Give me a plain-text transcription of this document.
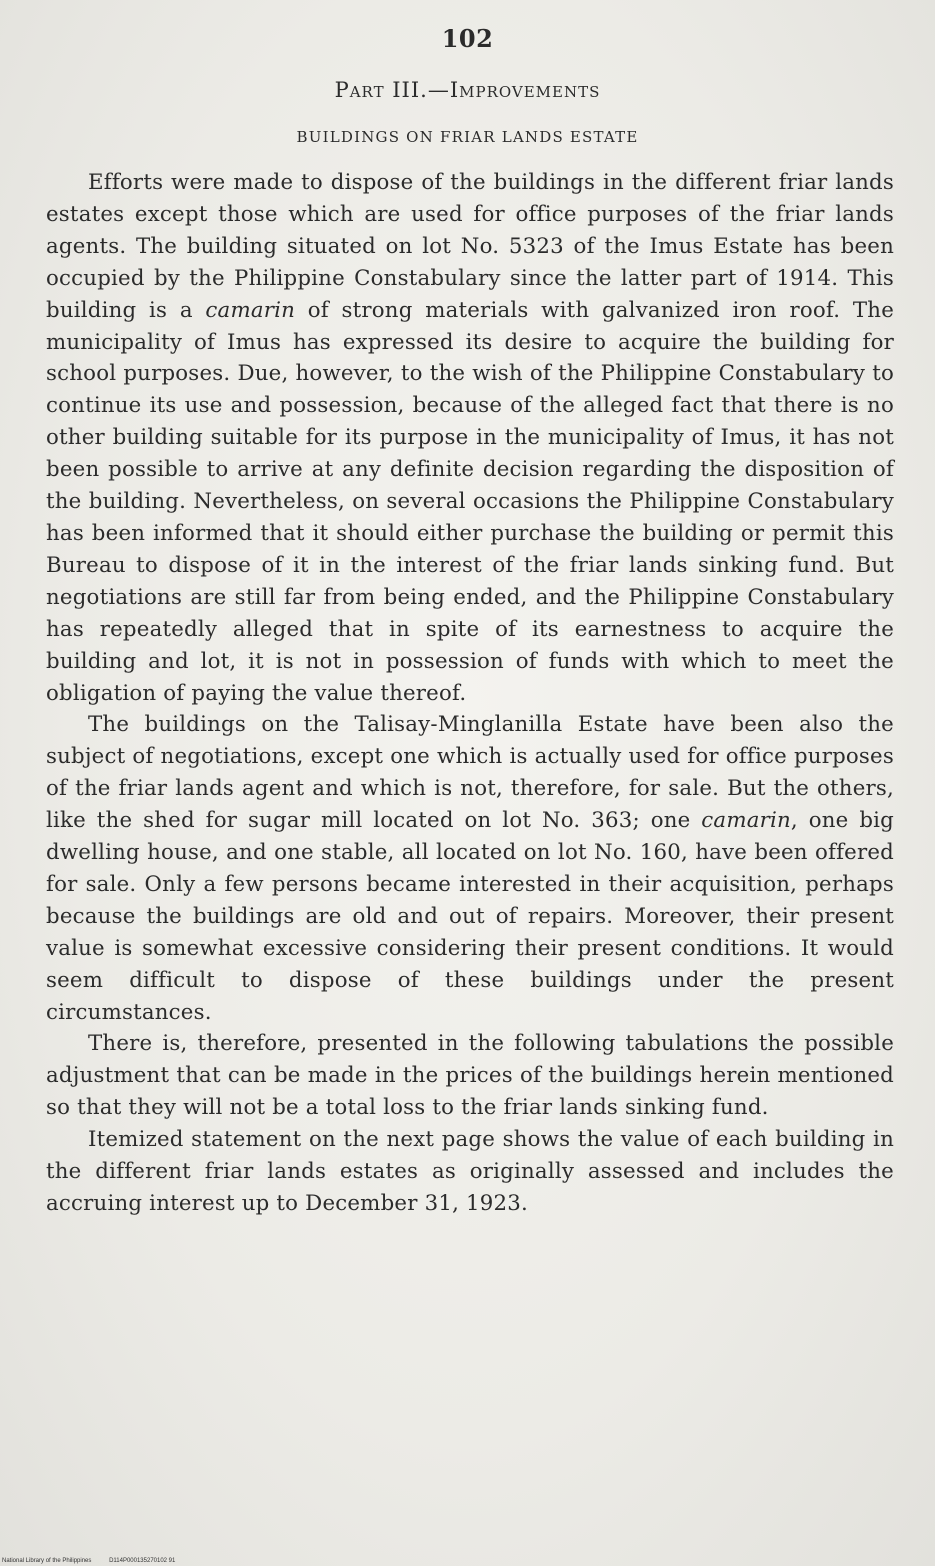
102
Part III.—Improvements
BUILDINGS ON FRIAR LANDS ESTATE

Efforts were made to dispose of the buildings in the different friar lands estates except those which are used for office purposes of the friar lands agents. The building situated on lot No. 5323 of the Imus Estate has been occupied by the Philippine Constabulary since the latter part of 1914. This building is a camarin of strong materials with galvanized iron roof. The municipality of Imus has expressed its desire to acquire the building for school purposes. Due, however, to the wish of the Philippine Constabulary to continue its use and possession, because of the alleged fact that there is no other building suitable for its purpose in the municipality of Imus, it has not been possible to arrive at any definite decision regarding the disposition of the building. Nevertheless, on several occasions the Philippine Constabulary has been informed that it should either purchase the building or permit this Bureau to dispose of it in the interest of the friar lands sinking fund. But negotiations are still far from being ended, and the Philippine Constabulary has repeatedly alleged that in spite of its earnestness to acquire the building and lot, it is not in possession of funds with which to meet the obligation of paying the value thereof.

The buildings on the Talisay-Minglanilla Estate have been also the subject of negotiations, except one which is actually used for office purposes of the friar lands agent and which is not, therefore, for sale. But the others, like the shed for sugar mill located on lot No. 363; one camarin, one big dwelling house, and one stable, all located on lot No. 160, have been offered for sale. Only a few persons became interested in their acquisition, perhaps because the buildings are old and out of repairs. Moreover, their present value is somewhat excessive considering their present conditions. It would seem difficult to dispose of these buildings under the present circumstances.

There is, therefore, presented in the following tabulations the possible adjustment that can be made in the prices of the buildings herein mentioned so that they will not be a total loss to the friar lands sinking fund.

Itemized statement on the next page shows the value of each building in the different friar lands estates as originally assessed and includes the accruing interest up to December 31, 1923.

National Library of the Philippines	D114P000135270102 91
